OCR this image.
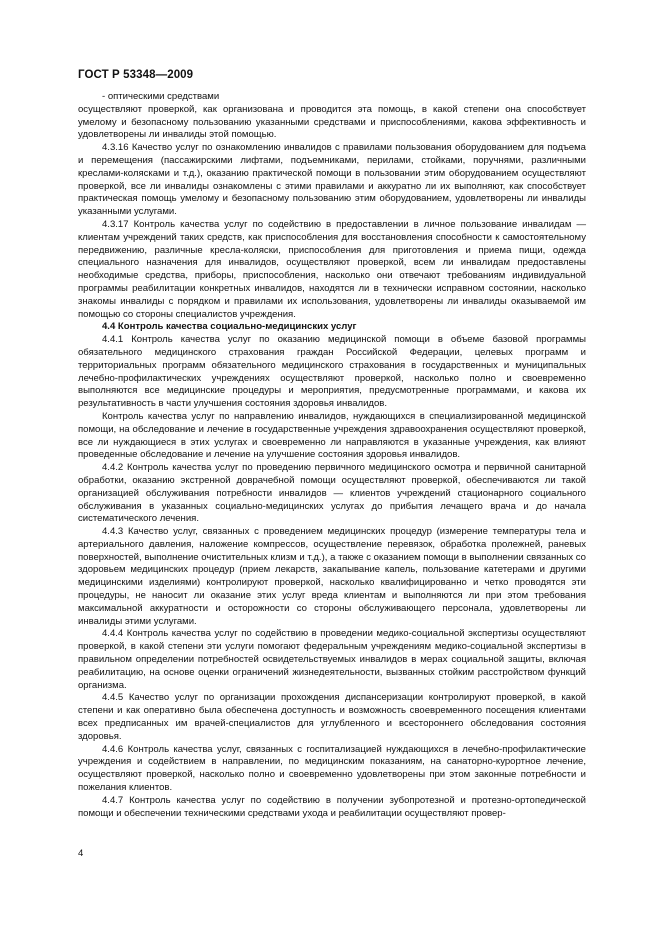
ГОСТ Р 53348—2009

- оптическими средствами

осуществляют проверкой, как организована и проводится эта помощь, в какой степени она способствует умелому и безопасному пользованию указанными средствами и приспособлениями, какова эффективность и удовлетворены ли инвалиды этой помощью.

4.3.16 Качество услуг по ознакомлению инвалидов с правилами пользования оборудованием для подъема и перемещения (пассажирскими лифтами, подъемниками, перилами, стойками, поручнями, различными креслами-колясками и т.д.), оказанию практической помощи в пользовании этим оборудованием осуществляют проверкой, все ли инвалиды ознакомлены с этими правилами и аккуратно ли их выполняют, как способствует практическая помощь умелому и безопасному пользованию этим оборудованием, удовлетворены ли инвалиды указанными услугами.

4.3.17 Контроль качества услуг по содействию в предоставлении в личное пользование инвалидам — клиентам учреждений таких средств, как приспособления для восстановления способности к самостоятельному передвижению, различные кресла-коляски, приспособления для приготовления и приема пищи, одежда специального назначения для инвалидов, осуществляют проверкой, всем ли инвалидам предоставлены необходимые средства, приборы, приспособления, насколько они отвечают требованиям индивидуальной программы реабилитации конкретных инвалидов, находятся ли в технически исправном состоянии, насколько знакомы инвалиды с порядком и правилами их использования, удовлетворены ли инвалиды оказываемой им помощью со стороны специалистов учреждения.

4.4 Контроль качества социально-медицинских услуг

4.4.1 Контроль качества услуг по оказанию медицинской помощи в объеме базовой программы обязательного медицинского страхования граждан Российской Федерации, целевых программ и территориальных программ обязательного медицинского страхования в государственных и муниципальных лечебно-профилактических учреждениях осуществляют проверкой, насколько полно и своевременно выполняются все медицинские процедуры и мероприятия, предусмотренные программами, и какова их результативность в части улучшения состояния здоровья инвалидов.

Контроль качества услуг по направлению инвалидов, нуждающихся в специализированной медицинской помощи, на обследование и лечение в государственные учреждения здравоохранения осуществляют проверкой, все ли нуждающиеся в этих услугах и своевременно ли направляются в указанные учреждения, как влияют проведенные обследование и лечение на улучшение состояния здоровья инвалидов.

4.4.2 Контроль качества услуг по проведению первичного медицинского осмотра и первичной санитарной обработки, оказанию экстренной доврачебной помощи осуществляют проверкой, обеспечиваются ли такой организацией обслуживания потребности инвалидов — клиентов учреждений стационарного социального обслуживания в указанных социально-медицинских услугах до прибытия лечащего врача и до начала систематического лечения.

4.4.3 Качество услуг, связанных с проведением медицинских процедур (измерение температуры тела и артериального давления, наложение компрессов, осуществление перевязок, обработка пролежней, раневых поверхностей, выполнение очистительных клизм и т.д.), а также с оказанием помощи в выполнении связанных со здоровьем медицинских процедур (прием лекарств, закапывание капель, пользование катетерами и другими медицинскими изделиями) контролируют проверкой, насколько квалифицированно и четко проводятся эти процедуры, не наносит ли оказание этих услуг вреда клиентам и выполняются ли при этом требования максимальной аккуратности и осторожности со стороны обслуживающего персонала, удовлетворены ли инвалиды этими услугами.

4.4.4 Контроль качества услуг по содействию в проведении медико-социальной экспертизы осуществляют проверкой, в какой степени эти услуги помогают федеральным учреждениям медико-социальной экспертизы в правильном определении потребностей освидетельствуемых инвалидов в мерах социальной защиты, включая реабилитацию, на основе оценки ограничений жизнедеятельности, вызванных стойким расстройством функций организма.

4.4.5 Качество услуг по организации прохождения диспансеризации контролируют проверкой, в какой степени и как оперативно была обеспечена доступность и возможность своевременного посещения клиентами всех предписанных им врачей-специалистов для углубленного и всестороннего обследования состояния здоровья.

4.4.6 Контроль качества услуг, связанных с госпитализацией нуждающихся в лечебно-профилактические учреждения и содействием в направлении, по медицинским показаниям, на санаторно-курортное лечение, осуществляют проверкой, насколько полно и своевременно удовлетворены при этом законные потребности и пожелания клиентов.

4.4.7 Контроль качества услуг по содействию в получении зубопротезной и протезно-ортопедической помощи и обеспечении техническими средствами ухода и реабилитации осуществляют провер-

4
